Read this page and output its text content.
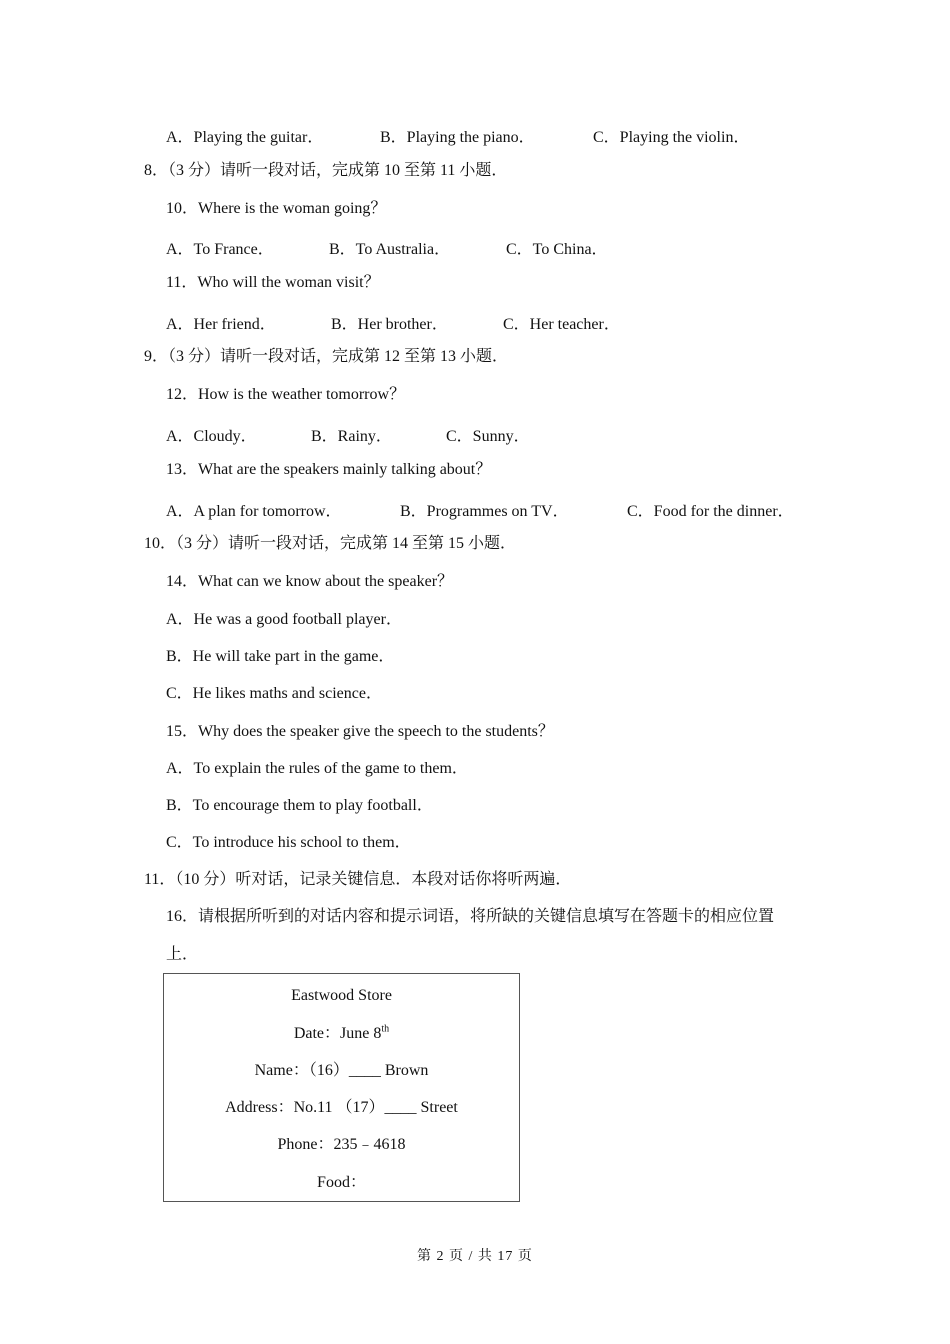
A．Playing the guitar．	B．Playing the piano．	C．Playing the violin．
8．（3 分）请听一段对话，完成第 10 至第 11 小题．
10．Where is the woman going？
A．To France．	B．To Australia．	C．To China．
11．Who will the woman visit？
A．Her friend．	B．Her brother．	C．Her teacher．
9．（3 分）请听一段对话，完成第 12 至第 13 小题．
12．How is the weather tomorrow？
A．Cloudy．	B．Rainy．	C．Sunny．
13．What are the speakers mainly talking about？
A．A plan for tomorrow．	B．Programmes on TV．	C．Food for the dinner．
10．（3 分）请听一段对话，完成第 14 至第 15 小题．
14．What can we know about the speaker？
A．He was a good football player．
B．He will take part in the game．
C．He likes maths and science．
15．Why does the speaker give the speech to the students？
A．To explain the rules of the game to them．
B．To encourage them to play football．
C．To introduce his school to them．
11．（10 分）听对话，记录关键信息．本段对话你将听两遍．
16．请根据所听到的对话内容和提示词语，将所缺的关键信息填写在答题卡的相应位置
上．
Eastwood Store
Date：June 8th
Name：（16）____ Brown
Address：No.11 （17）____ Street
Phone：235﹣4618
Food：
第 2 页 / 共 17 页
